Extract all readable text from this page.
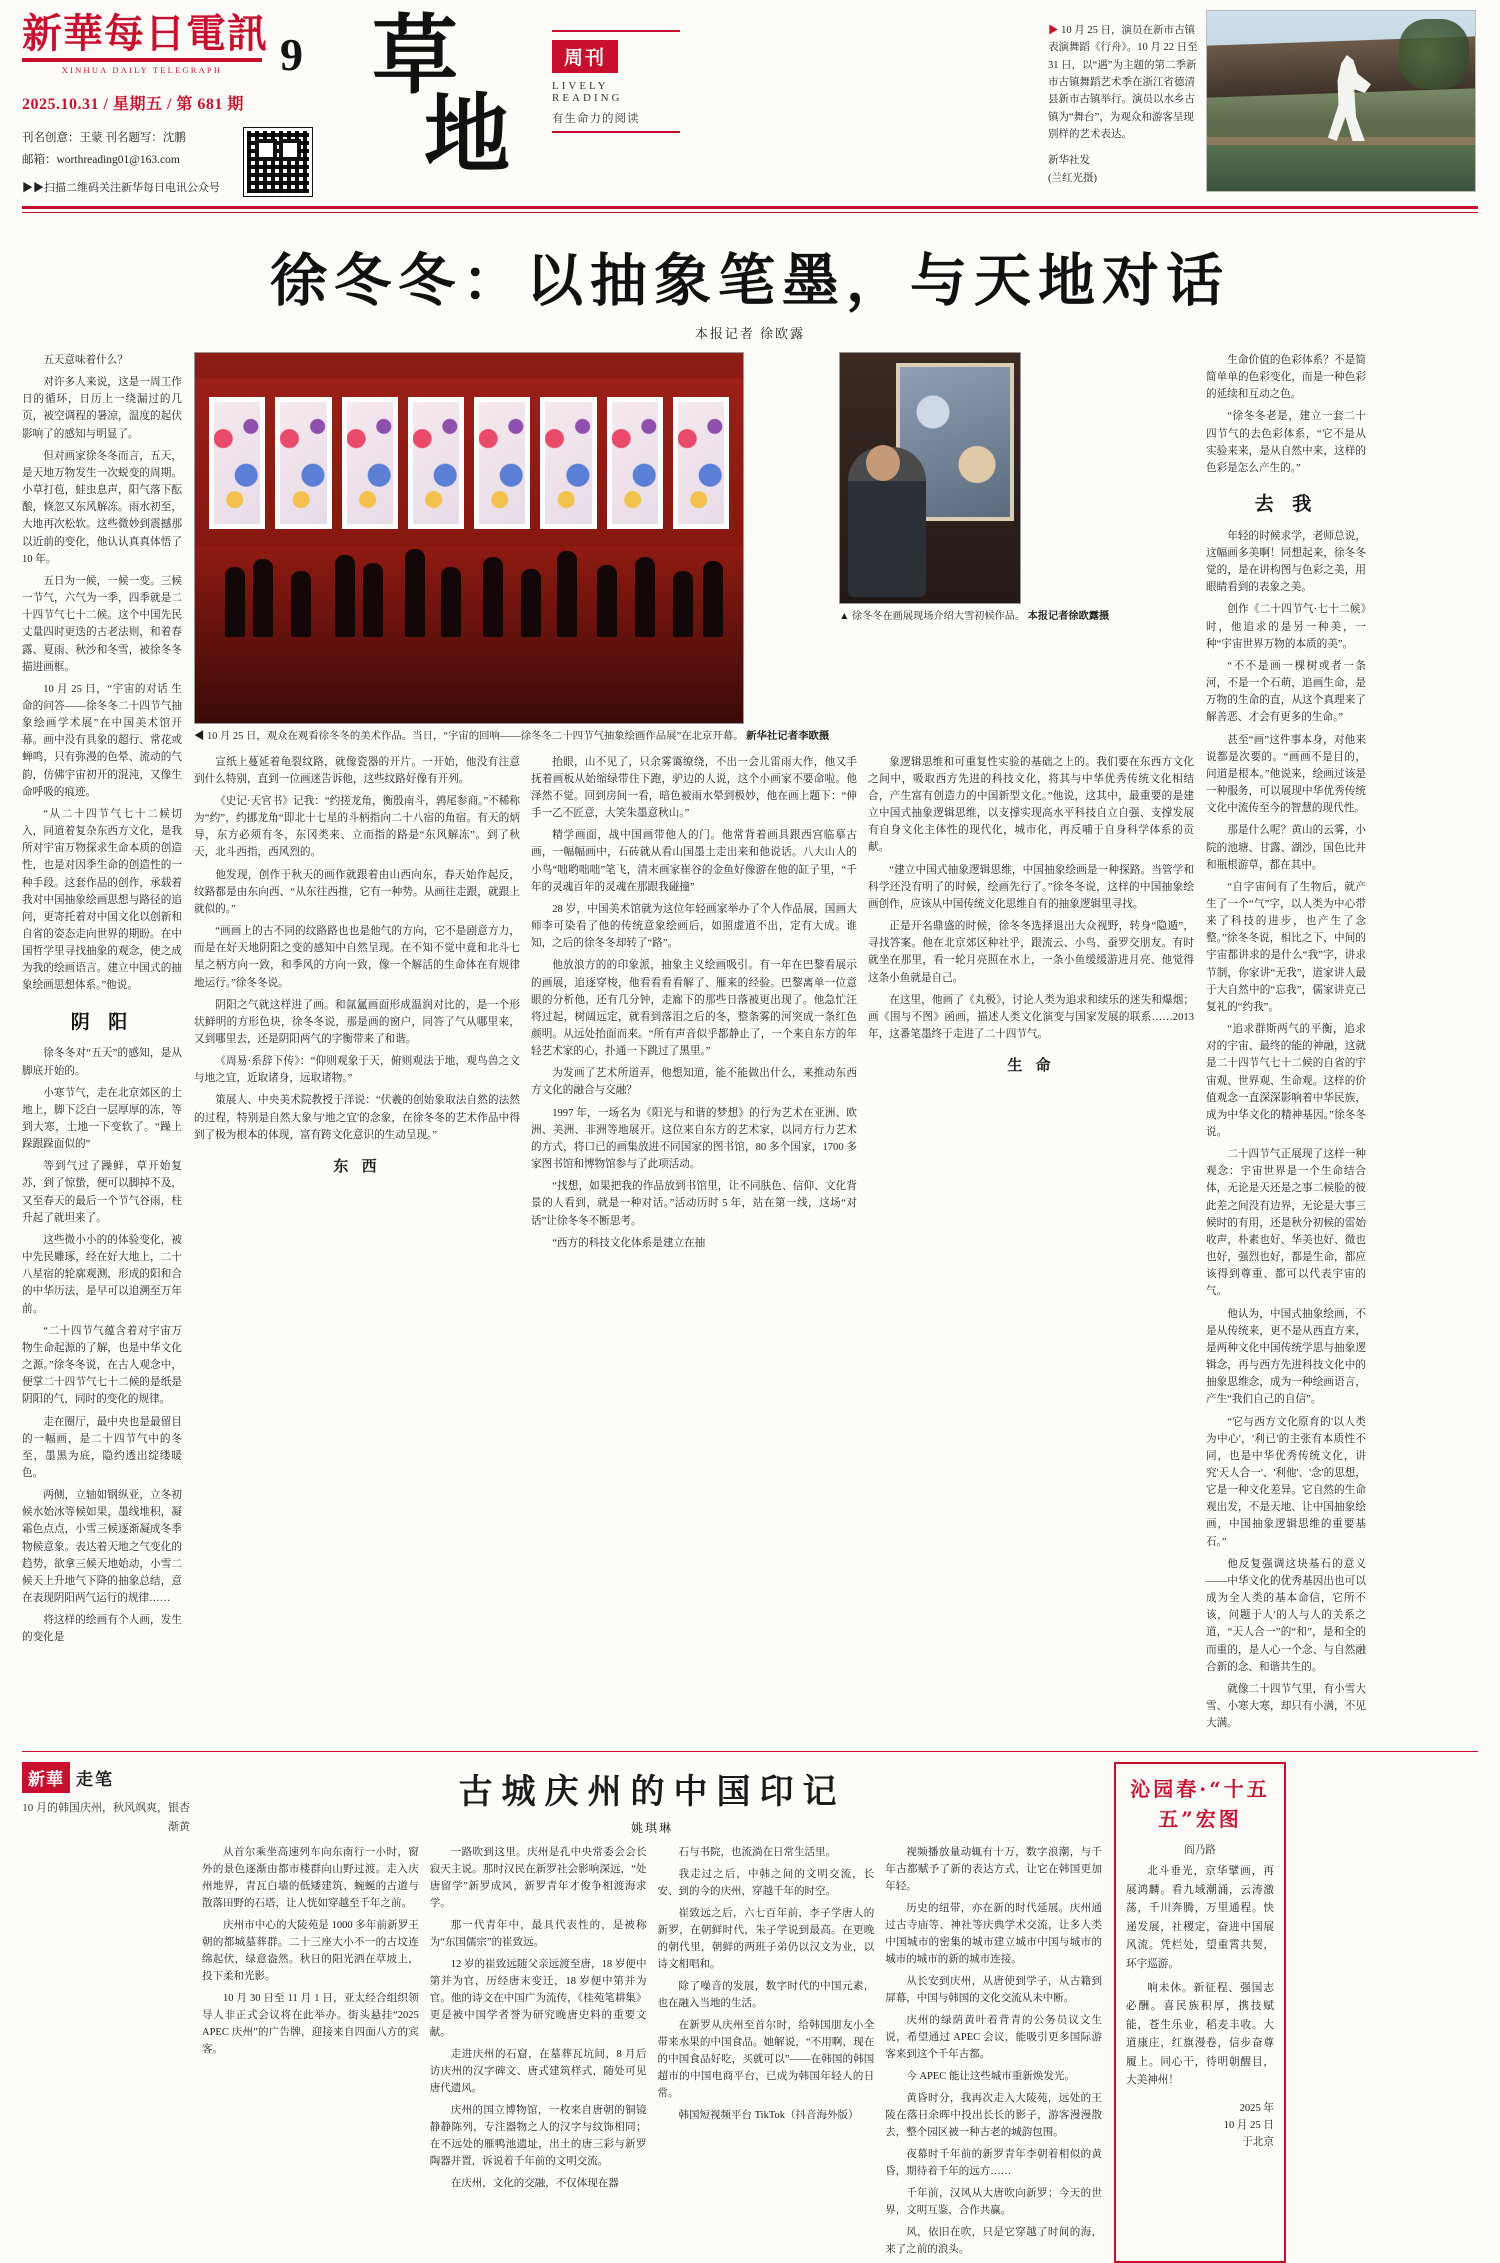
新華每日電訊
XINHUA DAILY TELEGRAPH	9
2025.10.31 / 星期五 / 第 681 期
刊名创意：王蒙 刊名题写：沈鹏
邮箱：worthreading01@163.com
▶▶扫描二维码关注新华每日电讯公众号
草
地
周刊
LIVELY READING
有生命力的阅读
▶ 10 月 25 日，演员在新市古镇表演舞蹈《行舟》。10 月 22 日至 31 日，以“遇”为主题的第二季新市古镇舞蹈艺术季在浙江省德清县新市古镇举行。演员以水乡古镇为“舞台”，为观众和游客呈现别样的艺术表达。
新华社发
(兰红光摄)
徐冬冬：以抽象笔墨，与天地对话
本报记者 徐欧露

五天意味着什么？

对许多人来说，这是一周工作日的循环，日历上一绕漏过的几页，被空调程的暑凉，温度的起伏影响了的感知与明显了。

但对画家徐冬冬而言，五天，是天地万物发生一次蜕变的周期。小草打苞，蛙虫息声，阳气落下酝酿，倏忽又东风解冻。雨水初至，大地再次松软。这些微妙到震撼那以近前的变化，他认认真真体悟了 10 年。

五日为一候，一候一变。三候一节气，六气为一季，四季就是二十四节气七十二候。这个中国先民丈量四时更迭的古老法则，和着春露、夏雨、秋沙和冬雪，被徐冬冬描进画框。

10 月 25 日，“宇宙的对话 生命的问答——徐冬冬二十四节气抽象绘画学术展”在中国美术馆开幕。画中没有具象的超行、常花或蝉鸣，只有弥漫的色晕、流动的气韵，仿佛宇宙初开的混沌，又像生命呼吸的痕迹。

“从二十四节气七十二候切入，同道着复杂东西方文化，是我所对宇宙万物探求生命本质的创造性，也是对因季生命的创造性的一种手段。这套作品的创作，承载着我对中国抽象绘画思想与路径的追问，更寄托着对中国文化以创新和自省的姿态走向世界的期盼。在中国哲学里寻找抽象的观念，使之成为我的绘画语言。建立中国式的抽象绘画思想体系。”他说。

阴 阳

徐冬冬对“五天”的感知，是从脚底开始的。

小寒节气，走在北京郊区的土地上，脚下泛白一层厚厚的冻，等到大寒，土地一下变软了。“躁上跺跟跺面似的”

等到气过了躁鲜，草开始复苏，到了惊蛰，便可以脚掉不及，又至春天的最后一个节气谷雨，柱升起了就坦来了。

这些微小小的的体验变化，被中先民雕琢，经在好大地上，二十八星宿的轮廓观测，形成的阳和合的中华历法，是早可以追溯至万年前。

“二十四节气蕴含着对宇宙万物生命起源的了解，也是中华文化之源。”徐冬冬说，在古人观念中，便掌二十四节气七十二候的是纸是阴阳的气，同时的变化的规律。

走在圈厅，最中央也是最留目的一幅画，是二十四节气中的冬至，墨黑为底，隐约透出绽缕暖色。

两侧，立轴如钢纵亚，立冬初候水始冰等候如果，墨线堆积，凝霜色点点，小雪三候逐渐凝成冬季物候意象。表达着天地之气变化的趋势，欲拿三候天地始动，小雪二候天上升地气下降的抽象总结，意在表现阴阳两气运行的规律……

将这样的绘画有个人画，发生的变化是

◀ 10 月 25 日，观众在观看徐冬冬的美术作品。当日，“宇宙的回响——徐冬冬二十四节气抽象绘画作品展”在北京开幕。 新华社记者李欧摄
▲ 徐冬冬在画展现场介绍大雪初候作品。 本报记者徐欧露摄

宣纸上蔓延着龟裂纹路，就像瓷器的开片。一开始，他没有注意到什么特别，直到一位画迷告诉他，这些纹路好像有开列。

《史记·天官书》记我：“约搓龙角，衡殷南斗，鹑尾参商。”不稀称为“约”，约挪龙角“即北十七星的斗柄指向二十八宿的角宿。有天的炳导，东方必须有冬，东冈类来、立而指的路是“东风解冻”。到了秋天，北斗西指，西风烈的。

他发现，创作于秋天的画作就跟着由山西向东，春天始作起反，纹路都是由东向西、“从东往西推，它有一种势。从画往走跟，就跟上就似的。”

“画画上的古不同的纹路路也也是他气的方向，它不是剧意方力，而是在好天地阴阳之变的感知中自然呈现。在不知不觉中竟和北斗七星之柄方向一致，和季风的方向一致，像一个解活的生命体在有规律地运行。”徐冬冬说。

阴阳之气就这样进了画。和氤氲画面形成温润对比的，是一个形状鲜明的方形色块，徐冬冬说，那是画的窗户，同答了气从哪里来，又到哪里去，还是阴阳两气的字衡带来了和谐。

《周易·系辞下传》：“仰则观象于天，俯则观法于地，观鸟兽之文与地之宜，近取诸身，远取诸物。”

策展人、中央美术院教授于洋说：“伏羲的创始象取法自然的法然的过程，特别是自然大象与'地之宜'的念象，在徐冬冬的艺术作品中得到了极为根本的体现，富有跨文化意识的生动呈现。”

东 西

抬眼，山不见了，只余雾霭缭绕，不出一会儿雷雨大作，他又手抚着画板从始缩绿带住下跑，驴边的人说，这个小画家不要命啦。他泽然不觉。回到房间一看，暗色被雨水晕到极妙，他在画上题下：“伸手一乙不匠意，大笑朱墨意秋山。”

精学画面，战中国画带他人的门。他常背着画具跟西宫临摹古画，一幅幅画中，石砖就从看山国墨土走出来和他说话。八大山人的小鸟“咄哟咄咄”笔飞，清末画家崔谷的金鱼好像游在他的缸子里，“千年的灵魂百年的灵魂在那跟我碰撞”

28 岁，中国美术馆就为这位年轻画家举办了个人作品展，国画大师李可染看了他的传统意象绘画后，如照虚道不出，定有大成。谁知，之后的徐冬冬却转了“路”。

他放浪方的的印象派，抽象主义绘画吸引。有一年在巴黎看展示的画展，追逐穿梭，他看看看看解了、雁来的经验。巴黎离单一位意眼的分析他，还有几分钟，走廊下的那些日落被更出现了。他急忙汪将过起，树阔远定，就看到落泪之后的冬，整条雾的河突成一条红色颜明。从远处抬面而来。“所有声音似乎都静止了，一个来自东方的年轻艺术家的心，扑通一下跳过了黑里。”

为发画了艺术所道弄，他想知道，能不能做出什么，来推动东西方文化的融合与交融？

1997 年，一场名为《阳光与和谐的梦想》的行为艺术在亚洲、欧洲、美洲、非洲等地展开。这位来自东方的艺术家，以同方行力艺术的方式，将口已的画集放进不同国家的图书馆，80 多个国家，1700 多家图书馆和博物馆参与了此项活动。

“找想，如果把我的作品放到书馆里，让不同肤色、信仰、文化背景的人看到，就是一种对话。”活动历时 5 年，站在第一线，这场“对话”让徐冬冬不断思考。

“西方的科技文化体系是建立在抽

象逻辑思维和可重复性实验的基础之上的。我们要在东西方文化之间中，吸取西方先进的科技文化，将其与中华优秀传统文化相结合，产生富有创造力的中国新型文化。”他说，这其中，最重要的是建立中国式抽象逻辑思维，以支撑实现高水平科技自立自强、支撑发展有自身文化主体性的现代化，城市化，再反哺于自身科学体系的贡献。

“建立中国式抽象逻辑思维，中国抽象绘画是一种探路。当管学和科学还没有明了的时候，绘画先行了。”徐冬冬说，这样的中国抽象绘画创作，应该从中国传统文化思维自有的抽象逻辑里寻找。

正是开名鼎盛的时候，徐冬冬选择退出大众视野，转身“隐遁”，寻找答案。他在北京郊区种社乎，跟流云、小鸟、蚕罗交朋友。有时就坐在那里，看一轮月亮照在水上，一条小鱼缓缓游进月亮、他觉得这条小鱼就是自己。

在这里，他画了《丸极》，讨论人类为追求和续乐的迷失和爆烟；画《围与不图》函画，描述人类文化演变与国家发展的联系……2013 年，这番笔墨终于走进了二十四节气。

生 命

生命价值的色彩体系？不是简简单单的色彩变化，而是一种色彩的延续和互动之色。

“徐冬冬老是，建立一套二十四节气的去色彩体系，“它不是从实验来来，是从自然中来，这样的色彩是怎么产生的。”

去 我

年轻的时候求学，老师总说，这幅画多美啊！同想起来，徐冬冬觉的，是在讲构图与色彩之美，用眼睛看到的表象之美。

创作《二十四节气·七十二候》时，他追求的是另一种美，一种“宇宙世界万物的本质的美”。

“不不是画一棵树或者一条河，不是一个石萌，追画生命，是万物的生命的直，从这个真理来了解善恶、才会有更多的生命。”

甚至“画”这件事本身，对他来说都是次要的。“画画不是目的，问道是根本。”他说来，绘画过该是一种服务，可以展现中华优秀传统文化中流传至今的智慧的现代性。

那是什么呢？黄山的云雾，小院的池塘、甘露、湖沙，国色比井和瓶根游草，都在其中。

“自字宙间有了生物后，就产生了一个“气”字，以人类为中心带来了科技的进步，也产生了念整。”徐冬冬说，相比之下，中间的宇宙都讲求的是什么“我”字，讲求节制，你家讲“无我”，道家讲人最于大自然中的“忘我”，儒家讲克己复礼的“约我”。

“追求群斯两气的平衡，追求对的宇宙、最终的能的神融，这就是二十四节气七十二候的自省的宇宙观、世界观、生命观。这样的价值观念一直深深影响着中华民族，成为中华文化的精神基因。”徐冬冬说。

二十四节气正展现了这样一种观念：宇宙世界是一个生命结合体，无论是天还是之事二候脸的彼此差之间没有边界，无论是大事三候时的有用，还是秋分初候的雷始收声，朴素也好、华美也好、微也也好，强烈也好，都是生命，都应该得到尊重、都可以代表宇宙的气。

他认为，中国式抽象绘画，不是从传统来，更不是从西直方来，是两种文化中国传统学思与抽象逻辑念，再与西方先进科技文化中的抽象思维念，成为一种绘画语言，产生“我们自己的自信”。

“它与西方文化原育的'以人类为中心'，'利已'的主张有本质性不同，也是中华优秀传统文化，讲究'天人合一'、'利他'、'念'的思想，它是一种文化差异。它自然的生命观出发，不是天地、让中国抽象绘画，中国抽象逻辑思维的重要基石。”

他反复强调这块基石的意义——中华文化的优秀基因出也可以成为全人类的基本命信，它所不该，问题于人'的人与人的关系之道，“天人合一”的“和”，是和全的而重的，是人心一个念、与自然融合新的念、和谐共生的。

就像二十四节气里，有小雪大雪、小寒大寒，却只有小满，不见大满。

新華 走笔
10 月的韩国庆州，秋风飒爽，银杏渐黄
古城庆州的中国印记
姚琪琳

从首尔乘坐高速列车向东南行一小时，窗外的景色逐渐由都市楼群向山野过渡。走入庆州地界，青瓦白墙的低矮建筑、蜿蜒的古道与散落田野的石塔，让人恍如穿越至千年之前。

庆州市中心的大陵苑是 1000 多年前新罗王朝的都城墓葬群。二十三座大小不一的古坟连绵起伏，绿意盎然。秋日的阳光洒在草坡上，投下柔和光影。

10 月 30 日至 11 月 1 日，亚太经合组织领导人非正式会议将在此举办。街头悬挂“2025 APEC 庆州”的广告牌，迎接来自四面八方的宾客。

一路吹到这里。庆州是孔中央常委会会长寂天主说。那时汉民在新罗社会影响深远，“处唐留学”新罗成风，新罗青年才俊争相渡海求学。

那一代青年中，最具代表性的，是被称为“东国儒宗”的崔致远。

12 岁的崔致远随父亲远渡至唐，18 岁便中第并为官，历经唐末变迁，18 岁便中第并为官。他的诗文在中国广为流传，《桂苑笔耕集》更是被中国学者誉为研究晚唐史料的重要文献。

走进庆州的石窟，在墓葬瓦坑间，8 月后访庆州的汉字碑文、唐式建筑样式，随处可见唐代遗风。

庆州的国立博物馆，一枚来自唐朝的铜镜静静陈列，专注器物之人的汉字与纹饰相同；在不远处的雁鸭池遗址，出土的唐三彩与新罗陶器并置，诉说着千年前的文明交流。

在庆州，文化的交融，不仅体现在器

石与书院，也流淌在日常生活里。

我走过之后，中韩之间的文明交流，长安、到的今的庆州，穿越千年的时空。

崔致远之后，六七百年前，李子学唐人的新罗，在朝鲜时代，朱子学说到最高。在更晚的朝代里，朝鲜的两班子弟仍以汉文为业，以诗文相唱和。

除了噪音的发展，数字时代的中国元素，也在融入当地的生活。

在新罗从庆州至首尔时，给韩国朋友小全带来水果的中国食品。她解说，“不用啊，现在的中国食品好吃，买就可以”——在韩国的韩国超市的中国电商平台，已成为韩国年轻人的日常。

韩国短视频平台 TikTok（抖音海外版）

视频播放量动辄有十万，数字浪潮，与千年古都赋予了新的表达方式，让它在韩国更加年轻。

历史的纽带，亦在新的时代延展。庆州通过古寺庙等、神社等庆典学术交流，让多人类中国城市的密集的城市建立城市中国与城市的城市的城市的新的城市连接。

从长安到庆州，从唐使到学子，从古籍到屏幕，中国与韩国的文化交流从未中断。

庆州的绿荫黄叶着背青的公务员议文生说，希望通过 APEC 会议，能吸引更多国际游客来到这个千年古都。

今 APEC 能让这些城市重新焕发光。

黄昏时分，我再次走入大陵苑，远处的王陵在落日余晖中投出长长的影子，游客漫漫散去，整个园区被一种古老的城韵包围。

夜幕时千年前的新罗青年李朝着相似的黄昏，期待着千年的远方……

千年前，汉风从大唐吹向新罗；今天的世界，文明互鉴，合作共赢。

风，依旧在吹，只是它穿越了时间的海，来了之前的浪头。

沁园春·“十五五”宏图
阎乃路

北斗垂光，京华擘画，再展鸿麟。看九域潮涌，云涛激荡，千川奔腾，万里通程。快递发展，社稷定，奋进中国展风流。凭栏处，望重霄共契，环宇巡游。

响未休。新征程、强国志必酬。喜民族积厚，携技赋能，苍生乐业，稻麦丰收。大道康庄，红旗漫卷，信步奋尊履上。同心干，待明朝醒目，大美神州！

2025 年
10 月 25 日
于北京
